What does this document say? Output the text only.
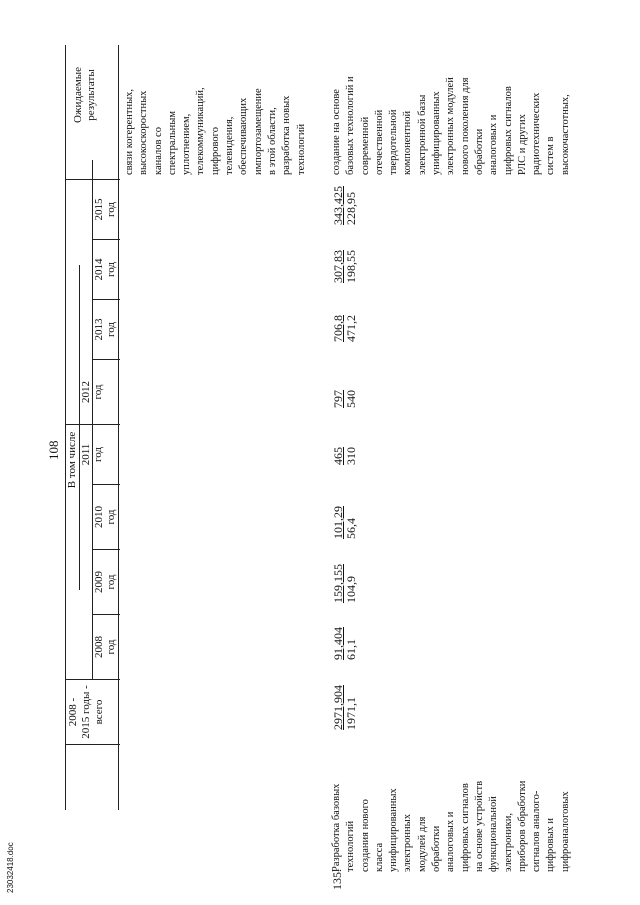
23032418.doc
108
2008 -
2015 годы -
всего
В том числе
2008
год
2009
год
2010
год
2011
год
2012
год
2013
год
2014
год
2015
год
Ожидаемые
результаты
связи когерентных,
высокоскоростных
каналов со
спектральным
уплотнением,
телекоммуникаций,
цифрового
телевидения,
обеспечивающих
импортозамещение
в этой области,
разработка новых
технологий
135.
Разработка базовых
технологий
создания нового
класса
унифицированных
электронных
модулей для
обработки
аналоговых и
цифровых сигналов
на основе устройств
функциональной
электроники,
приборов обработки
сигналов аналого-
цифровых и
цифроаналоговых
2971,904 1971,1
91,404 61,1
159,155 104,9
101,29 56,4
465 310
797 540
706,8 471,2
307,83 198,55
343,425 228,95
создание на основе
базовых технологий и
современной
отечественной
твердотельной
компонентной
электронной базы
унифицированных
электронных модулей
нового поколения для
обработки
аналоговых и
цифровых сигналов
РЛС и других
радиотехнических
систем в
высокочастотных,
